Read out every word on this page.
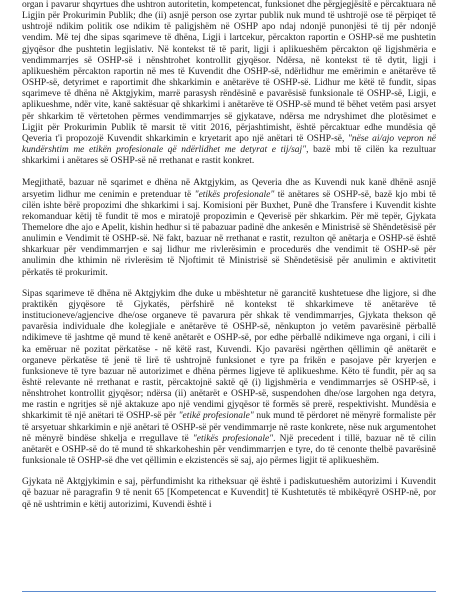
organ i pavarur shqyrtues dhe ushtron autoritetin, kompetencat, funksionet dhe përgjegjësitë e përcaktuara në Ligjin për Prokurimin Publik; dhe (ii) asnjë person ose zyrtar publik nuk mund të ushtrojë ose të përpiqet të ushtrojë ndikim politik ose ndikim të paligjshëm në OSHP apo ndaj ndonjë punonjësi të tij për ndonjë vendim. Më tej dhe sipas sqarimeve të dhëna, Ligji i lartcekur, përcakton raportin e OSHP-së me pushtetin gjyqësor dhe pushtetin legjislativ. Në kontekst të të parit, ligji i aplikueshëm përcakton që ligjshmëria e vendimmarrjes së OSHP-së i nënshtrohet kontrollit gjyqësor. Ndërsa, në kontekst të të dytit, ligji i aplikueshëm përcakton raportin në mes të Kuvendit dhe OSHP-së, ndërlidhur me emërimin e anëtarëve të OSHP-së, detyrimet e raportimit dhe shkarkimin e anëtarëve të OSHP-së. Lidhur me këtë të fundit, sipas sqarimeve të dhëna në Aktgjykim, marrë parasysh rëndësinë e pavarësisë funksionale të OSHP-së, Ligji, e aplikueshme, ndër vite, kanë saktësuar që shkarkimi i anëtarëve të OSHP-së mund të bëhet vetëm pasi arsyet për shkarkim të vërtetohen përmes vendimmarrjes së gjykatave, ndërsa me ndryshimet dhe plotësimet e Ligjit për Prokurimin Publik të marsit të vitit 2016, përjashtimisht, është përcaktuar edhe mundësia që Qeveria t'i propozojë Kuvendit shkarkimin e kryetarit apo një anëtari të OSHP-së, "nëse ai/ajo vepron në kundërshtim me etikën profesionale që ndërlidhet me detyrat e tij/saj", bazë mbi të cilën ka rezultuar shkarkimi i anëtares së OSHP-së në rrethanat e rastit konkret.

Megjithatë, bazuar në sqarimet e dhëna në Aktgjykim, as Qeveria dhe as Kuvendi nuk kanë dhënë asnjë arsyetim lidhur me cenimin e pretenduar të "etikës profesionale" të anëtares së OSHP-së, bazë kjo mbi të cilën ishte bërë propozimi dhe shkarkimi i saj. Komisioni për Buxhet, Punë dhe Transfere i Kuvendit kishte rekomanduar këtij të fundit të mos e miratojë propozimin e Qeverisë për shkarkim. Për më tepër, Gjykata Themelore dhe ajo e Apelit, kishin hedhur si të pabazuar padinë dhe ankesën e Ministrisë së Shëndetësisë për anulimin e Vendimit të OSHP-së. Në fakt, bazuar në rrethanat e rastit, rezulton që anëtarja e OSHP-së është shkarkuar për vendimmarrjen e saj lidhur me rivlerësimin e procedurës dhe vendimit të OSHP-së për anulimin dhe kthimin në rivlerësim të Njoftimit të Ministrisë së Shëndetësisë për anulimin e aktivitetit përkatës të prokurimit.

Sipas sqarimeve të dhëna në Aktgjykim dhe duke u mbështetur në garancitë kushtetuese dhe ligjore, si dhe praktikën gjyqësore të Gjykatës, përfshirë në kontekst të shkarkimeve të anëtarëve të institucioneve/agjencive dhe/ose organeve të pavarura për shkak të vendimmarrjes, Gjykata thekson që pavarësia individuale dhe kolegjiale e anëtarëve të OSHP-së, nënkupton jo vetëm pavarësinë përballë ndikimeve të jashtme që mund të kenë anëtarët e OSHP-së, por edhe përballë ndikimeve nga organi, i cili i ka emëruar në pozitat përkatëse - në këtë rast, Kuvendi. Kjo pavarësi ngërthen qëllimin që anëtarët e organeve përkatëse të jenë të lirë të ushtrojnë funksionet e tyre pa frikën e pasojave për kryerjen e funksioneve të tyre bazuar në autorizimet e dhëna përmes ligjeve të aplikueshme. Këto të fundit, për aq sa është relevante në rrethanat e rastit, përcaktojnë saktë që (i) ligjshmëria e vendimmarrjes së OSHP-së, i nënshtrohet kontrollit gjyqësor; ndërsa (ii) anëtarët e OSHP-së, suspendohen dhe/ose largohen nga detyra, me rastin e ngritjes së një aktakuze apo një vendimi gjyqësor të formës së prerë, respektivisht. Mundësia e shkarkimit të një anëtari të OSHP-së për "etikë profesionale" nuk mund të përdoret në mënyrë formaliste për të arsyetuar shkarkimin e një anëtari të OSHP-së për vendimmarrje në raste konkrete, nëse nuk argumentohet në mënyrë bindëse shkelja e rregullave të "etikës profesionale". Një precedent i tillë, bazuar në të cilin anëtarët e OSHP-së do të mund të shkarkoheshin për vendimmarrjen e tyre, do të cenonte thelbë pavarësinë funksionale të OSHP-së dhe vet qëllimin e ekzistencës së saj, ajo përmes ligjit të aplikueshëm.

Gjykata në Aktgjykimin e saj, përfundimisht ka ritheksuar që është i padiskutueshëm autorizimi i Kuvendit që bazuar në paragrafin 9 të nenit 65 [Kompetencat e Kuvendit] të Kushtetutës të mbikëqyrë OSHP-në, por që në ushtrimin e këtij autorizimi, Kuvendi është i
